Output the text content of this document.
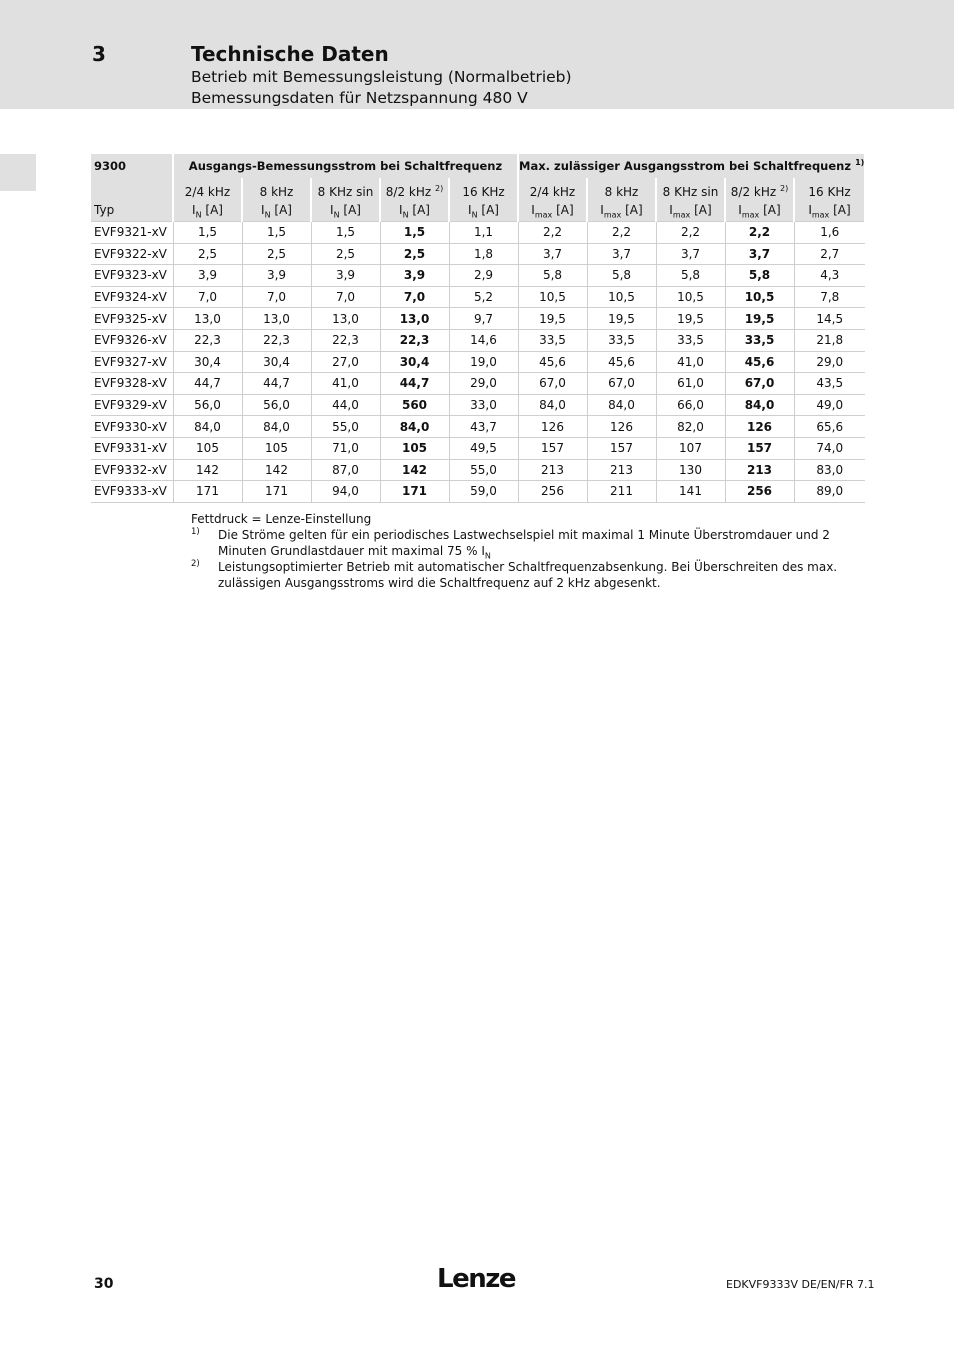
3	Technische Daten
Betrieb mit Bemessungsleistung (Normalbetrieb)
Bemessungsdaten für Netzspannung 480 V
9300	Ausgangs-Bemessungsstrom bei Schaltfrequenz					Max. zulässiger Ausgangsstrom bei Schaltfrequenz $^{1)}$
	2/4 kHz	8 kHz	8 KHz sin	8/2 kHz $^{2)}$	16 KHz	2/4 kHz	8 kHz	8 KHz sin	8/2 kHz $^{2)}$	16 KHz
Typ	$I_N$ [A]	$I_N$ [A]	$I_N$ [A]	$I_N$ [A]	$I_N$ [A]	$I_{max}$ [A]	$I_{max}$ [A]	$I_{max}$ [A]	$I_{max}$ [A]	$I_{max}$ [A]
EVF9321-xV	1,5	1,5	1,5	1,5	1,1	2,2	2,2	2,2	2,2	1,6
EVF9322-xV	2,5	2,5	2,5	2,5	1,8	3,7	3,7	3,7	3,7	2,7
EVF9323-xV	3,9	3,9	3,9	3,9	2,9	5,8	5,8	5,8	5,8	4,3
EVF9324-xV	7,0	7,0	7,0	7,0	5,2	10,5	10,5	10,5	10,5	7,8
EVF9325-xV	13,0	13,0	13,0	13,0	9,7	19,5	19,5	19,5	19,5	14,5
EVF9326-xV	22,3	22,3	22,3	22,3	14,6	33,5	33,5	33,5	33,5	21,8
EVF9327-xV	30,4	30,4	27,0	30,4	19,0	45,6	45,6	41,0	45,6	29,0
EVF9328-xV	44,7	44,7	41,0	44,7	29,0	67,0	67,0	61,0	67,0	43,5
EVF9329-xV	56,0	56,0	44,0	560	33,0	84,0	84,0	66,0	84,0	49,0
EVF9330-xV	84,0	84,0	55,0	84,0	43,7	126	126	82,0	126	65,6
EVF9331-xV	105	105	71,0	105	49,5	157	157	107	157	74,0
EVF9332-xV	142	142	87,0	142	55,0	213	213	130	213	83,0
EVF9333-xV	171	171	94,0	171	59,0	256	211	141	256	89,0
Fettdruck = Lenze-Einstellung
1) Die Ströme gelten für ein periodisches Lastwechselspiel mit maximal 1 Minute Überstromdauer und 2 Minuten Grundlastdauer mit maximal 75 % $I_N$
2) Leistungsoptimierter Betrieb mit automatischer Schaltfrequenzabsenkung. Bei Überschreiten des max. zulässigen Ausgangsstroms wird die Schaltfrequenz auf 2 kHz abgesenkt.
30	Lenze	EDKVF9333V DE/EN/FR 7.1
